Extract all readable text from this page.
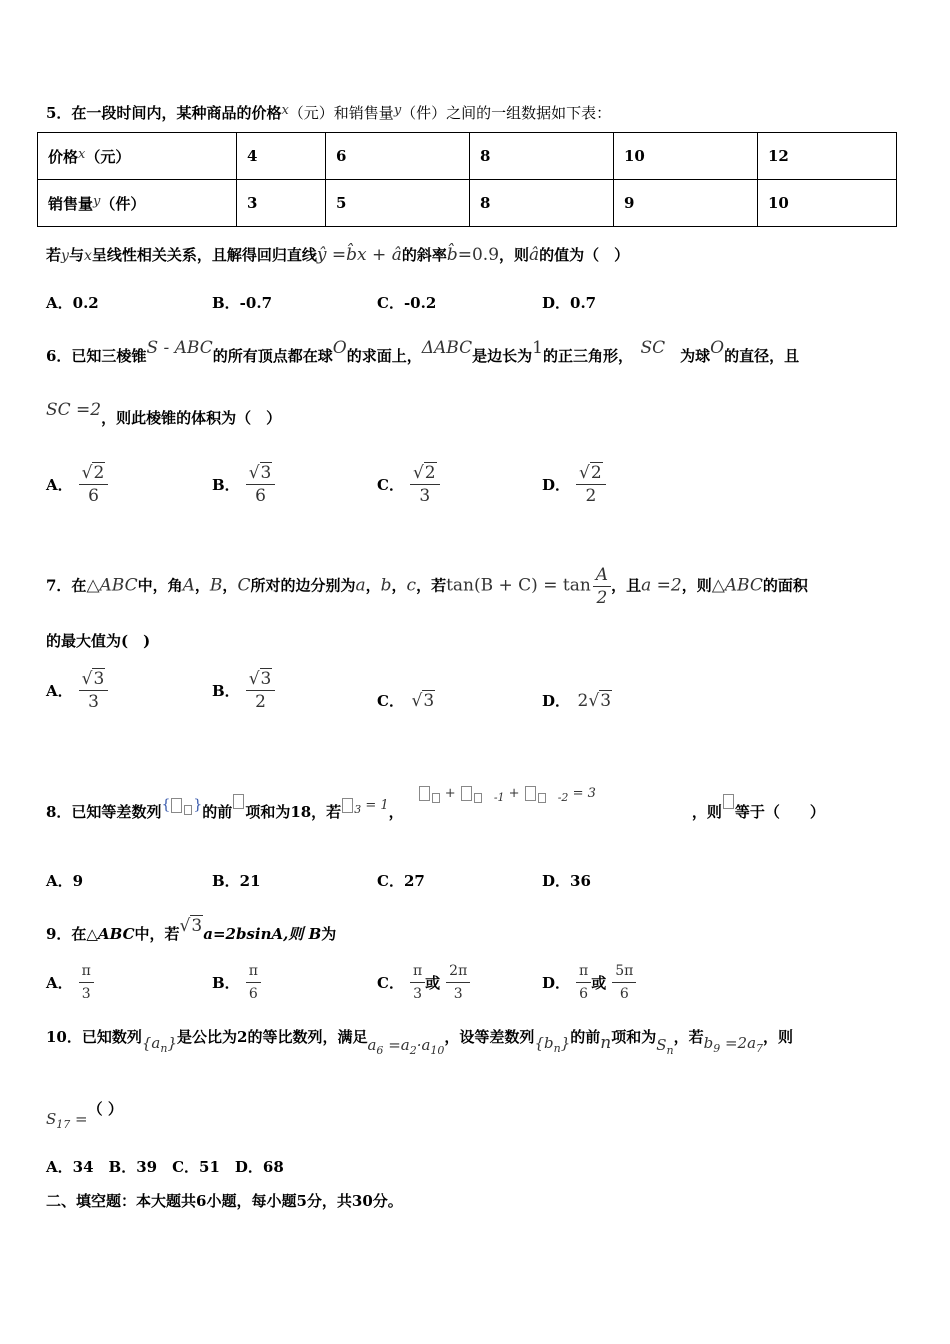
5．在一段时间内，某种商品的价格x（元）和销售量y（件）之间的一组数据如下表：
价格x（元）	4	6	8	10	12
销售量y（件）	3	5	8	9	10
若y与x呈线性相关关系，且解得回归直线ŷ =b̂x + â的斜率b̂=0.9，则â的值为（　）
A．0.2	B．-0.7	C．-0.2	D．0.7
6．已知三棱锥S - ABC的所有顶点都在球O的求面上，ΔABC是边长为1的正三角形，　 SC　 为球O的直径，且
SC =2，则此棱锥的体积为（　）
A． $\frac{√2}{6}$	B． $\frac{√3}{6}$	C． $\frac{√2}{3}$	D． $\frac{√2}{2}$
7．在△ABC中，角A，B，C所对的边分别为a，b，c，若$\tan(B + C) = \tan \frac{A}{2}$ ，且a =2，则△ABC的面积
的最大值为(　)
A． $\frac{√3}{3}$	B． $\frac{√3}{2}$	C．　 √3	D．　 2√3
8．已知等差数列{ }的前 项和为18，若 $_3$ = 1， + 　	$_{-1}$ + 　	$_{-2}$ = 3，则 等于（　　）
A．9	B．21	C．27	D．36
9．在△ABC中，若√3a=2bsinA,则 B为
A． $\frac{\pi}{3}$	B． $\frac{\pi}{6}$	C． $\frac{\pi}{3}$ 或 $\frac{2\pi}{3}$	D． $\frac{\pi}{6}$ 或 $\frac{5\pi}{6}$
10．已知数列$\{a_n\}$是公比为2的等比数列，满足$a_6 =a_2\cdot a_{10}$，设等差数列$\{b_n\}$的前n项和为$S_n$，若$b_9 =2a_7$，则
$S_{17}$ =（ ）
A．34　B．39　C．51　D．68
二、填空题：本大题共6小题，每小题5分，共30分。
